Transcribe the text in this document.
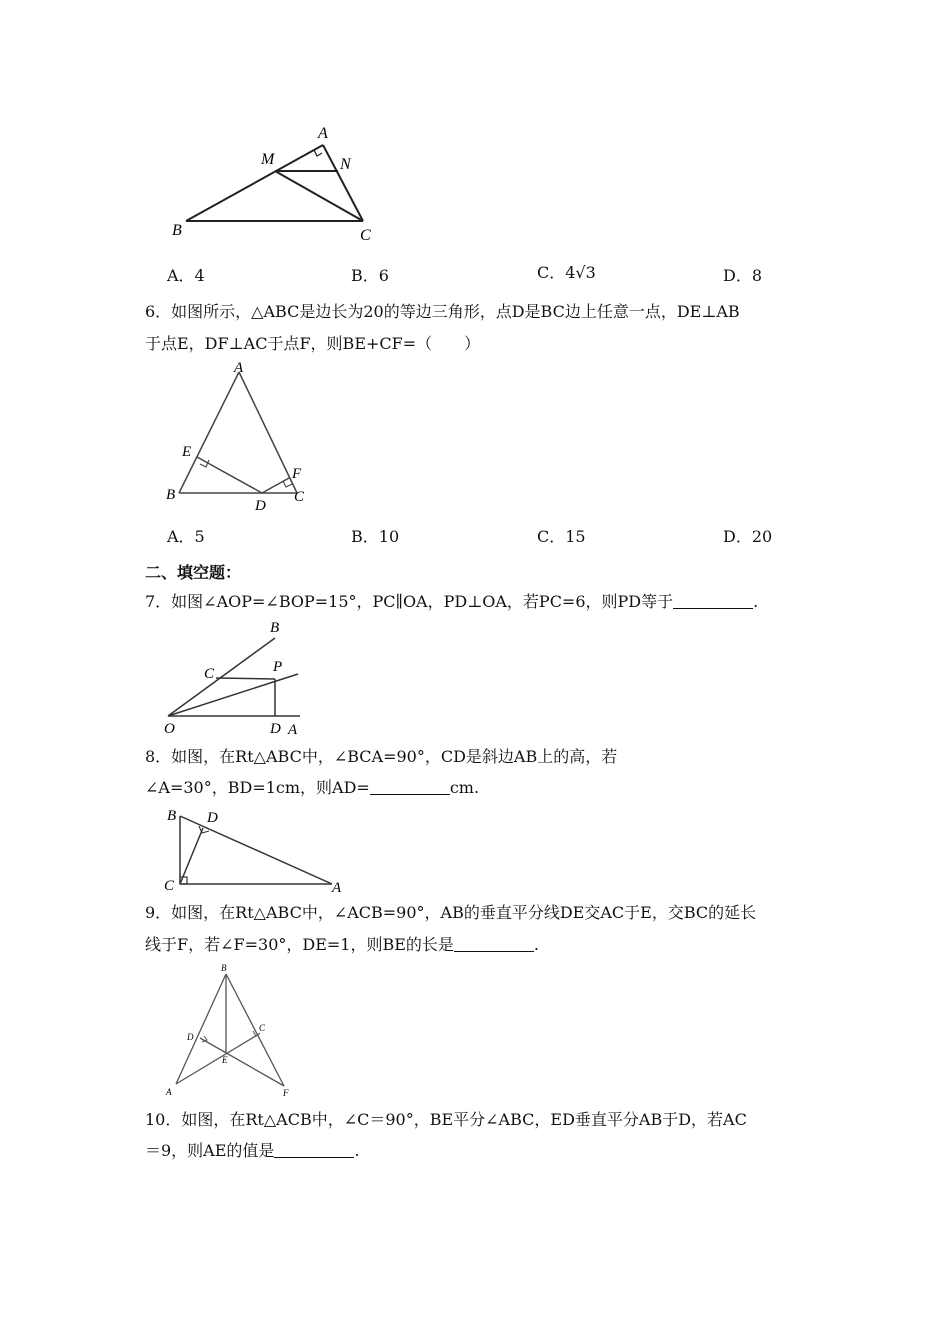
A
M	N
B	C
A．4	B．6	C．4√3	D．8
6．如图所示，△ABC是边长为20的等边三角形，点D是BC边上任意一点，DE⊥AB
于点E，DF⊥AC于点F，则BE+CF=（　　）
A
E
F
B
D
C
A．5	B．10	C．15	D．20
二、填空题：
7．如图∠AOP=∠BOP=15°，PC∥OA，PD⊥OA，若PC=6，则PD等于	.
B
C	P
O	D A
8．如图，在Rt△ABC中，∠BCA=90°，CD是斜边AB上的高，若
∠A=30°，BD=1cm，则AD=	cm.
B D
C	A
9．如图，在Rt△ABC中，∠ACB=90°，AB的垂直平分线DE交AC于E，交BC的延长
线于F，若∠F=30°，DE=1，则BE的长是	.
B
D
C
E
A	F
10．如图，在Rt△ACB中，∠C＝90°，BE平分∠ABC，ED垂直平分AB于D，若AC
＝9，则AE的值是	.
